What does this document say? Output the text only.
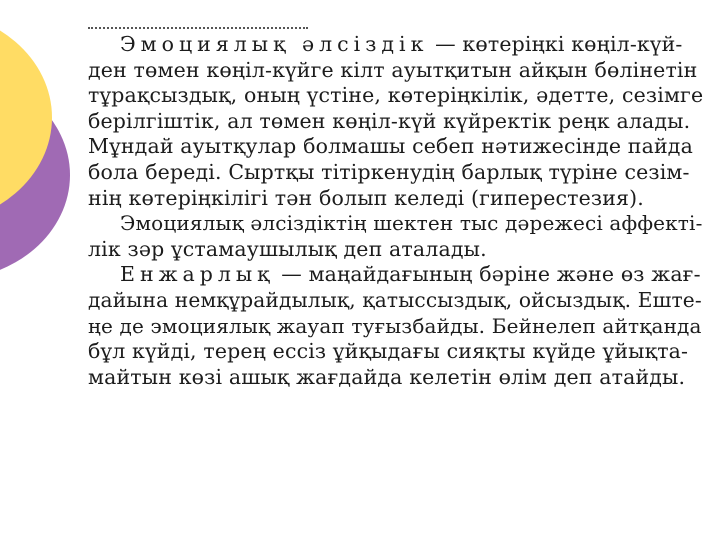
Эмоциялық әлсіздік — көтеріңкі көңіл-күй-
ден төмен көңіл-күйге кілт ауытқитын айқын бөлінетін
тұрақсыздық, оның үстіне, көтеріңкілік, әдетте, сезімге
берілгіштік, ал төмен көңіл-күй күйректік реңк алады.
Мұндай ауытқулар болмашы себеп нәтижесінде пайда
бола береді. Сыртқы тітіркенудің барлық түріне сезім-
нің көтеріңкілігі тән болып келеді (гиперестезия).
Эмоциялық әлсіздіктің шектен тыс дәрежесі аффекті-
лік зәр ұстамаушылық деп аталады.
Енжарлық — маңайдағының бәріне және өз жағ-
дайына немқұрайдылық, қатыссыздық, ойсыздық. Ештe-
ңе де эмоциялық жауап туғызбайды. Бейнелеп айтқанда
бұл күйді, терең ессіз ұйқыдағы сияқты күйде ұйықта-
майтын көзі ашық жағдайда келетін өлім деп атайды.
